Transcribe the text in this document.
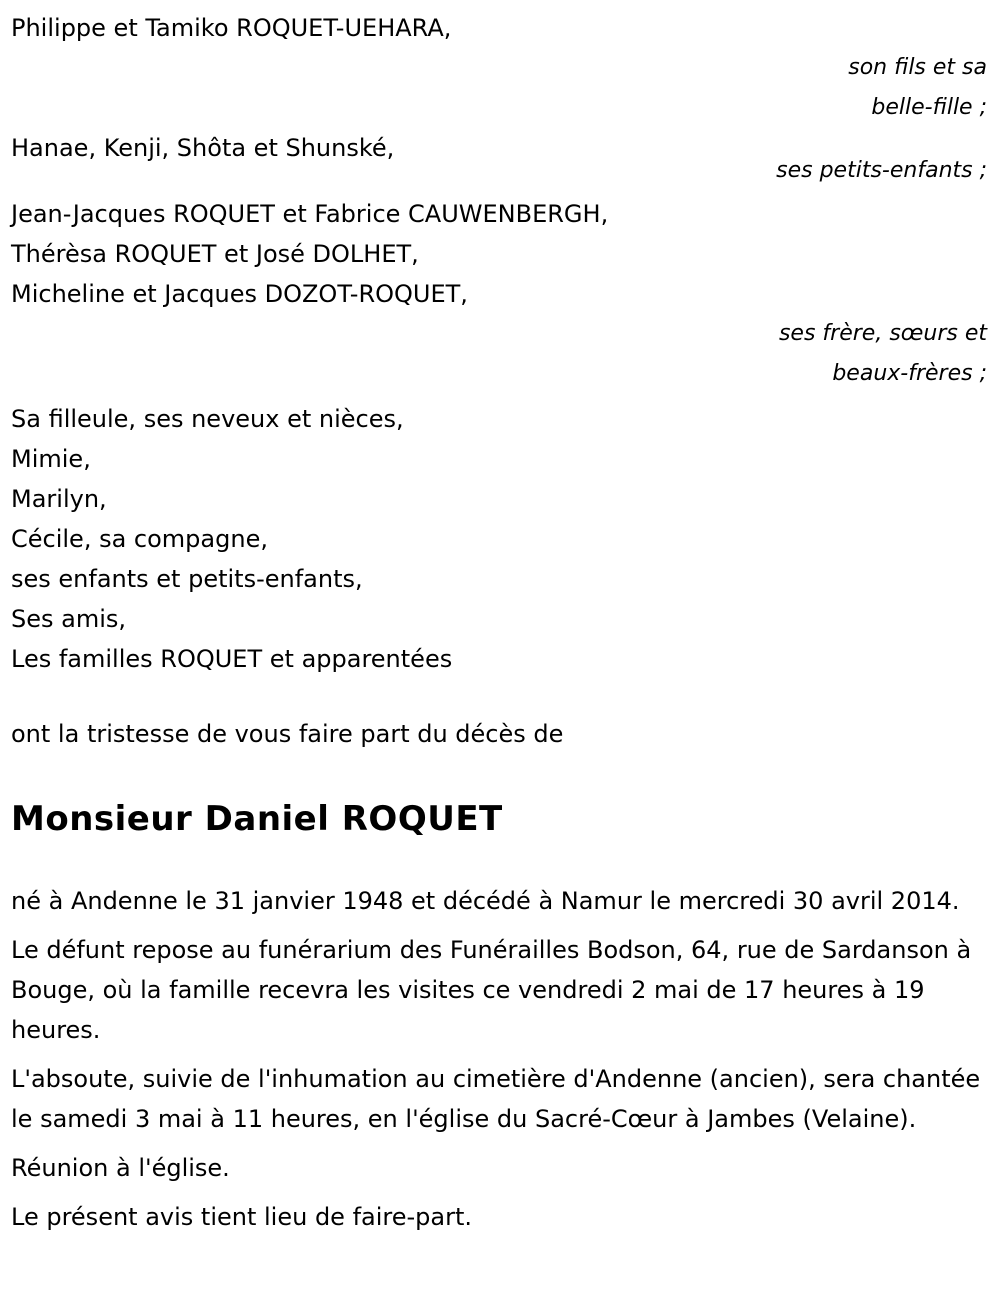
Philippe et Tamiko ROQUET-UEHARA,

son fils et sa

belle-fille ;

Hanae, Kenji, Shôta et Shunské,

ses petits-enfants ;

Jean-Jacques ROQUET et Fabrice CAUWENBERGH,

Thérèsa ROQUET et José DOLHET,

Micheline et Jacques DOZOT-ROQUET,

ses frère, sœurs et

beaux-frères ;

Sa filleule, ses neveux et nièces,

Mimie,

Marilyn,

Cécile, sa compagne,

ses enfants et petits-enfants,

Ses amis,

Les familles ROQUET et apparentées

ont la tristesse de vous faire part du décès de

Monsieur Daniel ROQUET

né à Andenne le 31 janvier 1948 et décédé à Namur le mercredi 30 avril 2014.

Le défunt repose au funérarium des Funérailles Bodson, 64, rue de Sardanson à Bouge, où la famille recevra les visites ce vendredi 2 mai de 17 heures à 19 heures.

L'absoute, suivie de l'inhumation au cimetière d'Andenne (ancien), sera chantée le samedi 3 mai à 11 heures, en l'église du Sacré-Cœur à Jambes (Velaine).

Réunion à l'église.

Le présent avis tient lieu de faire-part.
